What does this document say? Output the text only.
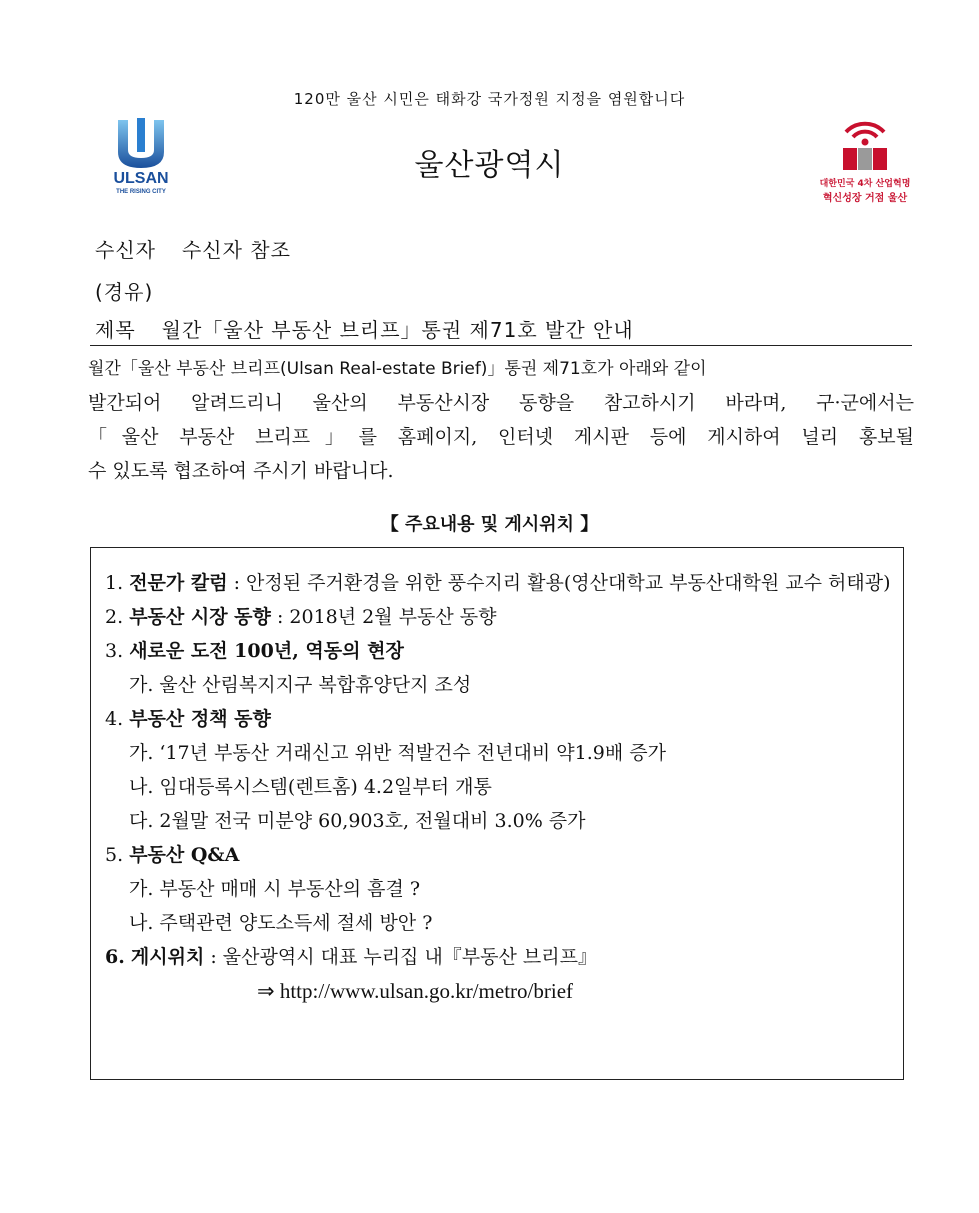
120만 울산 시민은 태화강 국가정원 지정을 염원합니다
ULSAN
THE RISING CITY
울산광역시
대한민국 4차 산업혁명
혁신성장 거점 울산
수신자 수신자 참조
(경유)
제목 월간「울산 부동산 브리프」통권 제71호 발간 안내
월간「울산 부동산 브리프(Ulsan Real-estate Brief)」통권 제71호가 아래와 같이
발간되어 알려드리니 울산의 부동산시장 동향을 참고하시기 바라며, 구·군에서는
「울산 부동산 브리프」를 홈페이지, 인터넷 게시판 등에 게시하여 널리 홍보될
수 있도록 협조하여 주시기 바랍니다.
【 주요내용 및 게시위치 】
1. 전문가 칼럼 : 안정된 주거환경을 위한 풍수지리 활용(영산대학교 부동산대학원 교수 허태광)
2. 부동산 시장 동향 : 2018년 2월 부동산 동향
3. 새로운 도전 100년, 역동의 현장
가. 울산 산림복지지구 복합휴양단지 조성
4. 부동산 정책 동향
가. ‘17년 부동산 거래신고 위반 적발건수 전년대비 약1.9배 증가
나. 임대등록시스템(렌트홈) 4.2일부터 개통
다. 2월말 전국 미분양 60,903호, 전월대비 3.0% 증가
5. 부동산 Q&A
가. 부동산 매매 시 부동산의 흠결 ?
나. 주택관련 양도소득세 절세 방안 ?
6. 게시위치 : 울산광역시 대표 누리집 내『부동산 브리프』
⇒ http://www.ulsan.go.kr/metro/brief
